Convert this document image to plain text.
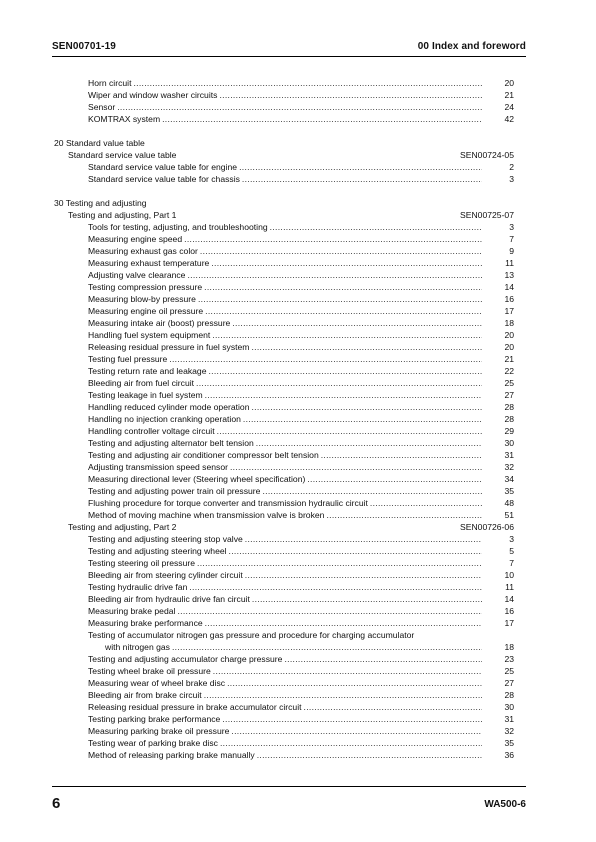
SEN00701-19	00 Index and foreword
Horn circuit .....	20
Wiper and window washer circuits .....	21
Sensor .....	24
KOMTRAX system .....	42
20 Standard value table
Standard service value table	SEN00724-05
Standard service value table for engine .....	2
Standard service value table for chassis .....	3
30 Testing and adjusting
Testing and adjusting, Part 1	SEN00725-07
Tools for testing, adjusting, and troubleshooting .....	3
Measuring engine speed .....	7
Measuring exhaust gas color .....	9
Measuring exhaust temperature .....	11
Adjusting valve clearance .....	13
Testing compression pressure .....	14
Measuring blow-by pressure .....	16
Measuring engine oil pressure .....	17
Measuring intake air (boost) pressure .....	18
Handling fuel system equipment .....	20
Releasing residual pressure in fuel system .....	20
Testing fuel pressure .....	21
Testing return rate and leakage .....	22
Bleeding air from fuel circuit .....	25
Testing leakage in fuel system .....	27
Handling reduced cylinder mode operation .....	28
Handling no injection cranking operation .....	28
Handling controller voltage circuit .....	29
Testing and adjusting alternator belt tension .....	30
Testing and adjusting air conditioner compressor belt tension .....	31
Adjusting transmission speed sensor .....	32
Measuring directional lever (Steering wheel specification) .....	34
Testing and adjusting power train oil pressure .....	35
Flushing procedure for torque converter and transmission hydraulic circuit .....	48
Method of moving machine when transmission valve is broken .....	51
Testing and adjusting, Part 2	SEN00726-06
Testing and adjusting steering stop valve .....	3
Testing and adjusting steering wheel .....	5
Testing steering oil pressure .....	7
Bleeding air from steering cylinder circuit .....	10
Testing hydraulic drive fan .....	11
Bleeding air from hydraulic drive fan circuit .....	14
Measuring brake pedal .....	16
Measuring brake performance .....	17
Testing of accumulator nitrogen gas pressure and procedure for charging accumulator
with nitrogen gas .....	18
Testing and adjusting accumulator charge pressure .....	23
Testing wheel brake oil pressure .....	25
Measuring wear of wheel brake disc .....	27
Bleeding air from brake circuit .....	28
Releasing residual pressure in brake accumulator circuit .....	30
Testing parking brake performance .....	31
Measuring parking brake oil pressure .....	32
Testing wear of parking brake disc .....	35
Method of releasing parking brake manually .....	36
6	WA500-6
